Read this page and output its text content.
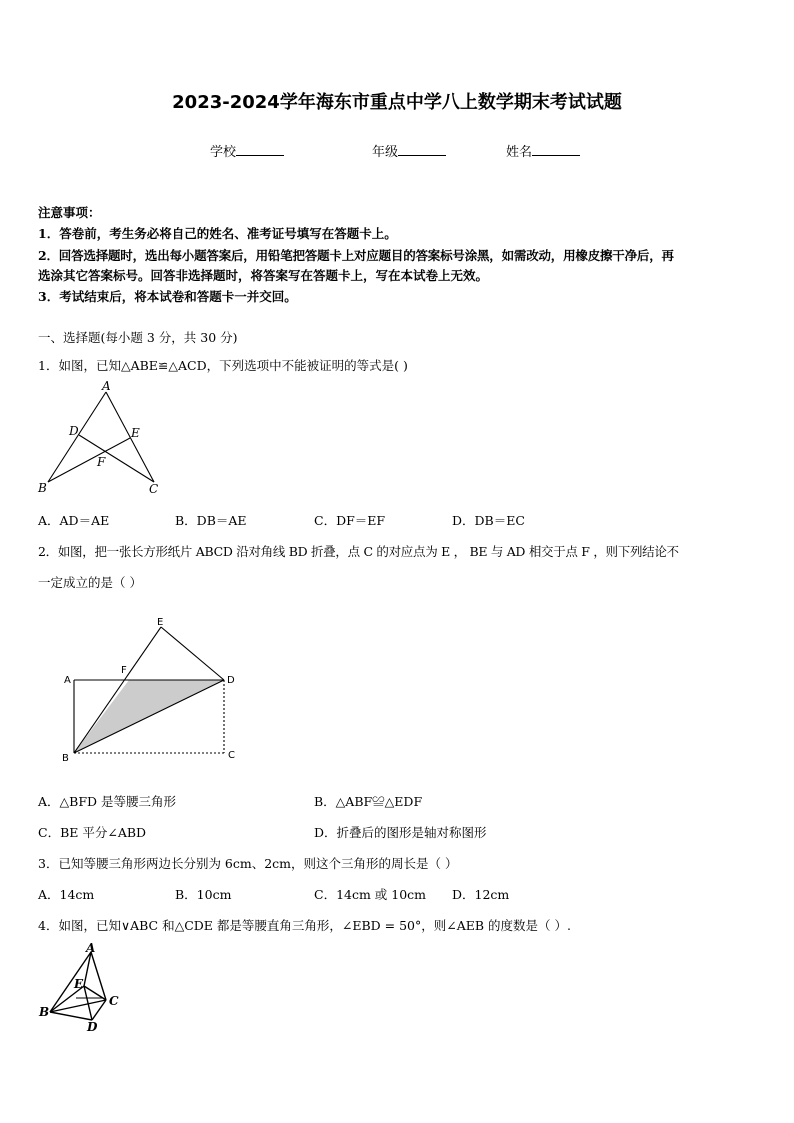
2023-2024学年海东市重点中学八上数学期末考试试题
学校	年级	姓名
注意事项：
1．答卷前，考生务必将自己的姓名、准考证号填写在答题卡上。
2．回答选择题时，选出每小题答案后，用铅笔把答题卡上对应题目的答案标号涂黑，如需改动，用橡皮擦干净后，再
选涂其它答案标号。回答非选择题时，将答案写在答题卡上，写在本试卷上无效。
3．考试结束后，将本试卷和答题卡一并交回。
一、选择题(每小题 3 分，共 30 分)
1．如图，已知△ABE≌△ACD，下列选项中不能被证明的等式是( )
A
D	E
F
B	C
A．AD＝AE	B．DB＝AE	C．DF＝EF	D．DB＝EC
2．如图，把一张长方形纸片 ABCD 沿对角线 BD 折叠，点 C 的对应点为 E ， BE 与 AD 相交于点 F ，则下列结论不
一定成立的是（ ）
E
F
A	D
B	C
A．△BFD 是等腰三角形	B．△ABF≌△EDF
C．BE 平分∠ABD	D．折叠后的图形是轴对称图形
3．已知等腰三角形两边长分别为 6cm、2cm，则这个三角形的周长是（ ）
A．14cm	B．10cm	C．14cm 或 10cm D．12cm
4．如图，已知∨ABC 和△CDE 都是等腰直角三角形，∠EBD = 50°，则∠AEB 的度数是（ ）.
A
E
C
B
D
